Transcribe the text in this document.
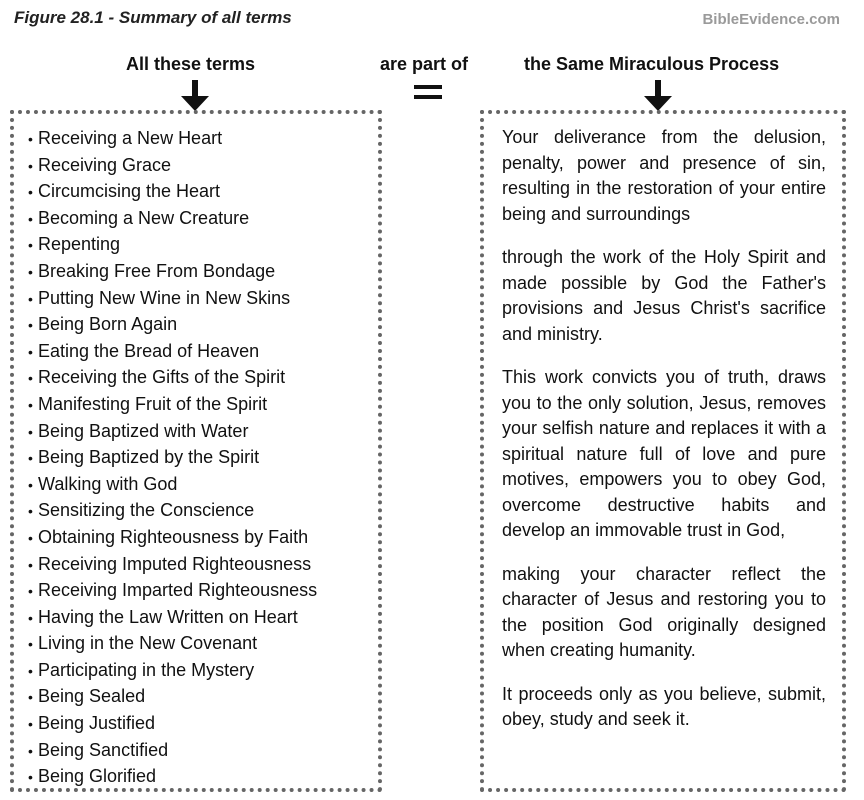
Figure 28.1 - Summary of all terms	BibleEvidence.com
All these terms	are part of	the Same Miraculous Process
• Receiving a New Heart
• Receiving Grace
• Circumcising the Heart
• Becoming a New Creature
• Repenting
• Breaking Free From Bondage
• Putting New Wine in New Skins
• Being Born Again
• Eating the Bread of Heaven
• Receiving the Gifts of the Spirit
• Manifesting Fruit of the Spirit
• Being Baptized with Water
• Being Baptized by the Spirit
• Walking with God
• Sensitizing the Conscience
• Obtaining Righteousness by Faith
• Receiving Imputed Righteousness
• Receiving Imparted Righteousness
• Having the Law Written on Heart
• Living in the New Covenant
• Participating in the Mystery
• Being Sealed
• Being Justified
• Being Sanctified
• Being Glorified

Your deliverance from the delusion, penalty, power and presence of sin, resulting in the restoration of your entire being and surroundings

through the work of the Holy Spirit and made possible by God the Father's provisions and Jesus Christ's sacrifice and ministry.

This work convicts you of truth, draws you to the only solution, Jesus, removes your selfish nature and replaces it with a spiritual nature full of love and pure motives, empowers you to obey God, overcome destructive habits and develop an immovable trust in God,

making your character reflect the character of Jesus and restoring you to the position God originally designed when creating humanity.

It proceeds only as you believe, submit, obey, study and seek it.
